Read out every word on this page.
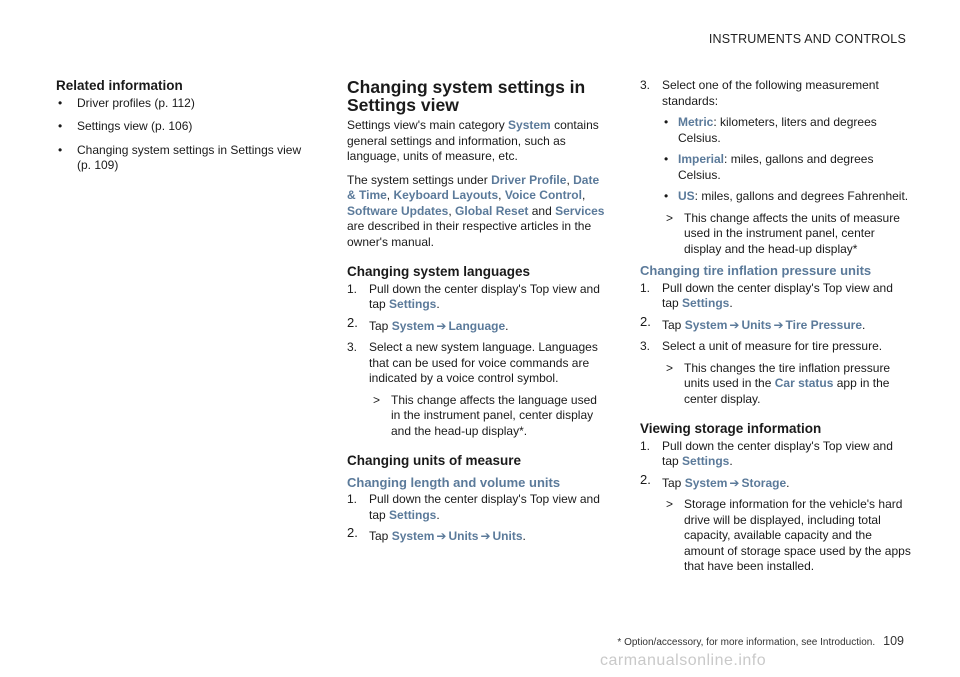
INSTRUMENTS AND CONTROLS
Related information
• Driver profiles (p. 112)
• Settings view (p. 106)
• Changing system settings in Settings view (p. 109)
Changing system settings in Settings view

Settings view's main category System contains general settings and information, such as language, units of measure, etc.

The system settings under Driver Profile, Date & Time, Keyboard Layouts, Voice Control, Software Updates, Global Reset and Services are described in their respective articles in the owner's manual.

Changing system languages
1. Pull down the center display's Top view and tap Settings.
2. Tap System ➔ Language.
3. Select a new system language. Languages that can be used for voice commands are indicated by a voice control symbol.
> This change affects the language used in the instrument panel, center display and the head-up display*.
Changing units of measure
Changing length and volume units
1. Pull down the center display's Top view and tap Settings.
2. Tap System ➔ Units ➔ Units.
3. Select one of the following measurement standards:
• Metric: kilometers, liters and degrees Celsius.
• Imperial: miles, gallons and degrees Celsius.
• US: miles, gallons and degrees Fahrenheit.
> This change affects the units of measure used in the instrument panel, center display and the head-up display*
Changing tire inflation pressure units
1. Pull down the center display's Top view and tap Settings.
2. Tap System ➔ Units ➔ Tire Pressure.
3. Select a unit of measure for tire pressure.
> This changes the tire inflation pressure units used in the Car status app in the center display.
Viewing storage information
1. Pull down the center display's Top view and tap Settings.
2. Tap System ➔ Storage.
> Storage information for the vehicle's hard drive will be displayed, including total capacity, available capacity and the amount of storage space used by the apps that have been installed.
* Option/accessory, for more information, see Introduction. 109
carmanualsonline.info
